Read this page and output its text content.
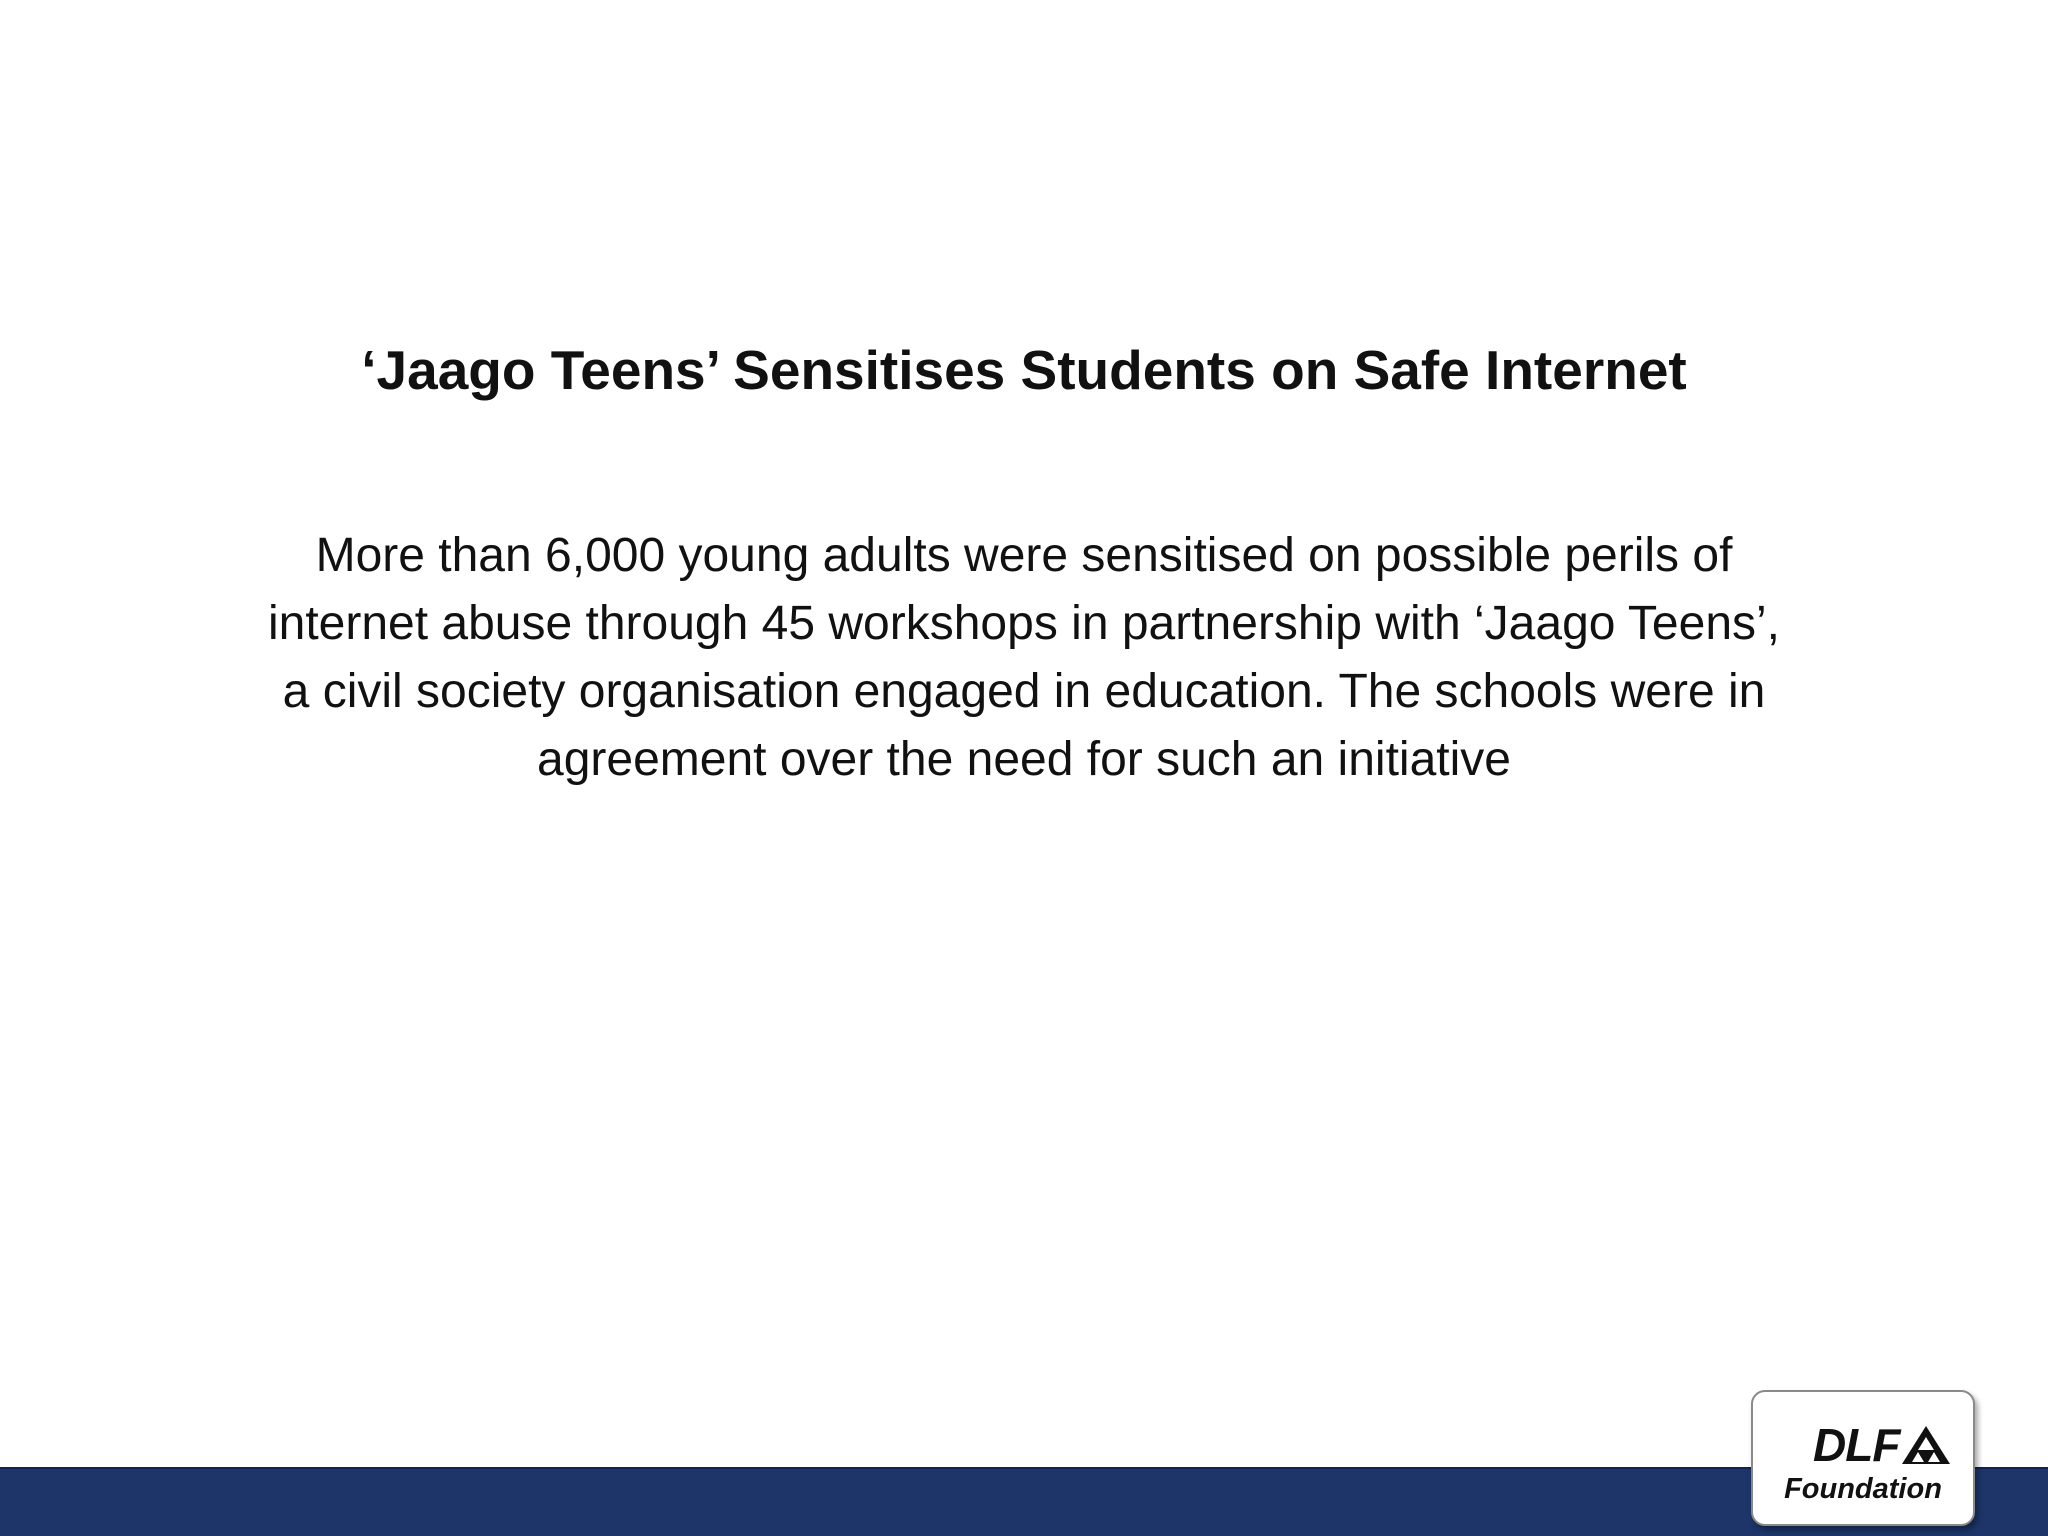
‘Jaago Teens’ Sensitises Students on Safe Internet

More than 6,000 young adults were sensitised on possible perils of
internet abuse through 45 workshops in partnership with ‘Jaago Teens’,
a civil society organisation engaged in education. The schools were in
agreement over the need for such an initiative

DLF
Foundation
